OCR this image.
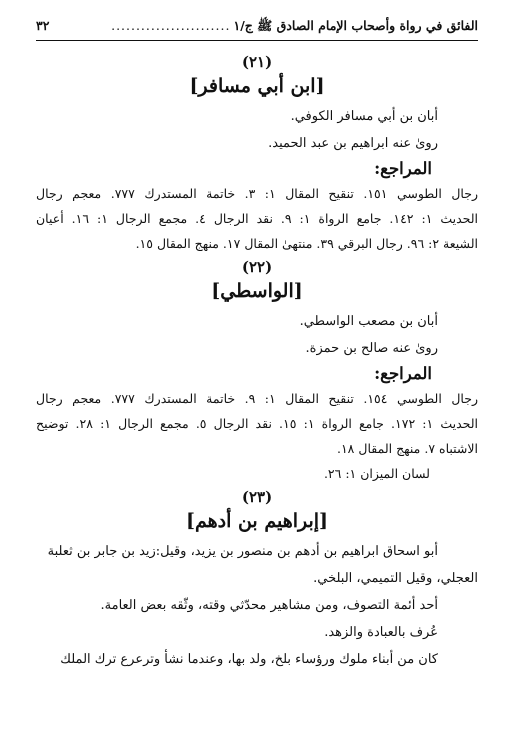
الفائق في رواة وأصحاب الإمام الصادق ﷺ ج/١
........................
٣٢
(٢١)
[ابن أبي مسافر]
أبان بن أبي مسافر الكوفي.
روىٰ عنه ابراهيم بن عبد الحميد.
المراجع:
رجال الطوسي ١٥١. تنقيح المقال ١: ٣. خاتمة المستدرك ٧٧٧. معجم رجال
الحديث ١: ١٤٢. جامع الرواة ١: ٩. نقد الرجال ٤. مجمع الرجال ١: ١٦. أعيان
الشيعة ٢: ٩٦. رجال البرقي ٣٩. منتهىٰ المقال ١٧. منهج المقال ١٥.
(٢٢)
[الواسطي]
أبان بن مصعب الواسطي.
روىٰ عنه صالح بن حمزة.
المراجع:
رجال الطوسي ١٥٤. تنقيح المقال ١: ٩. خاتمة المستدرك ٧٧٧. معجم رجال
الحديث ١: ١٧٢. جامع الرواة ١: ١٥. نقد الرجال ٥. مجمع الرجال ١: ٢٨. توضيح
الاشتباه ٧. منهج المقال ١٨.
لسان الميزان ١: ٢٦.
(٢٣)
[إبراهيم بن أدهم]
أبو اسحاق ابراهيم بن أدهم بن منصور بن يزيد، وقيل:زيد بن جابر بن ثعلبة
العجلي، وقيل التميمي، البلخي.
أحد أئمة التصوف، ومن مشاهير محدّثي وقته، وثّقه بعض العامة.
عُرف بالعبادة والزهد.
كان من أبناء ملوك ورؤساء بلخ، ولد بها، وعندما نشأ وترعرع ترك الملك
